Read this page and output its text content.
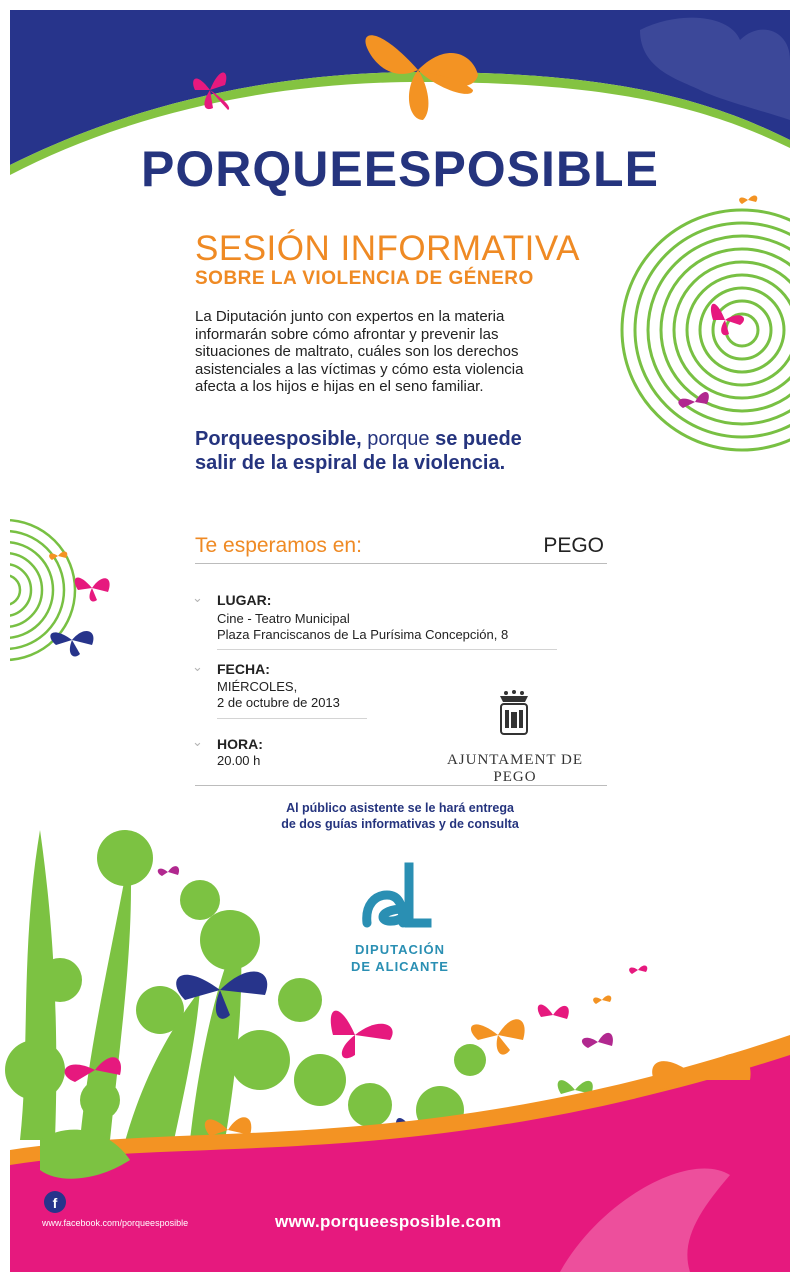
f
PORQUEESPOSIBLE
SESIÓN INFORMATIVA
SOBRE LA VIOLENCIA DE GÉNERO
La Diputación junto con expertos en la materia
informarán sobre cómo afrontar y prevenir las
situaciones de maltrato, cuáles son los derechos
asistenciales a las víctimas y cómo esta violencia
afecta a los hijos e hijas en el seno familiar.
Porqueesposible, porque se puede
salir de la espiral de la violencia.
Te esperamos en:	PEGO
⌄ LUGAR:
Cine - Teatro Municipal
Plaza Franciscanos de La Purísima Concepción, 8
⌄ FECHA:
MIÉRCOLES,
2 de octubre de 2013
⌄ HORA:
20.00 h	AJUNTAMENT DE PEGO
Al público asistente se le hará entrega
de dos guías informativas y de consulta
DIPUTACIÓN
DE ALICANTE
www.facebook.com/porqueesposible	www.porqueesposible.com
